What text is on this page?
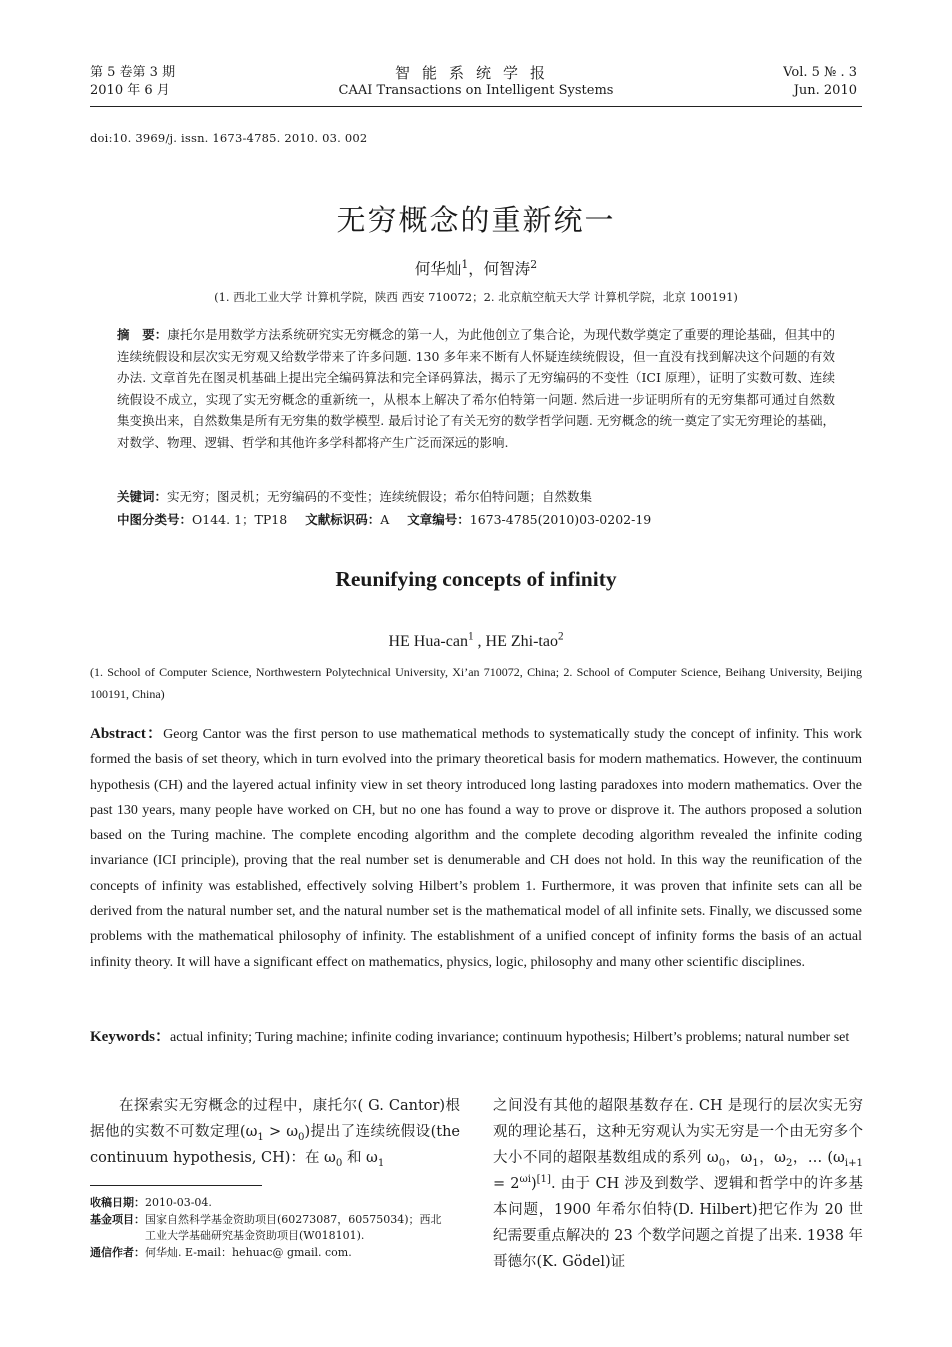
第 5 卷第 3 期
2010 年 6 月
智能系统学报
CAAI Transactions on Intelligent Systems
Vol. 5 № . 3
Jun. 2010
doi:10. 3969/j. issn. 1673-4785. 2010. 03. 002
无穷概念的重新统一
何华灿$^1$，何智涛$^2$
(1. 西北工业大学 计算机学院，陕西 西安 710072；2. 北京航空航天大学 计算机学院，北京 100191)
摘　要：康托尔是用数学方法系统研究实无穷概念的第一人，为此他创立了集合论，为现代数学奠定了重要的理论基础，但其中的连续统假设和层次实无穷观又给数学带来了许多问题. 130 多年来不断有人怀疑连续统假设，但一直没有找到解决这个问题的有效办法. 文章首先在图灵机基础上提出完全编码算法和完全译码算法，揭示了无穷编码的不变性（ICI 原理），证明了实数可数、连续统假设不成立，实现了实无穷概念的重新统一，从根本上解决了希尔伯特第一问题. 然后进一步证明所有的无穷集都可通过自然数集变换出来，自然数集是所有无穷集的数学模型. 最后讨论了有关无穷的数学哲学问题. 无穷概念的统一奠定了实无穷理论的基础，对数学、物理、逻辑、哲学和其他许多学科都将产生广泛而深远的影响.
关键词：实无穷；图灵机；无穷编码的不变性；连续统假设；希尔伯特问题；自然数集
中图分类号：O144. 1；TP18 文献标识码：A 文章编号：1673-4785(2010)03-0202-19
Reunifying concepts of infinity
HE Hua-can$^1$ , HE Zhi-tao$^2$
(1. School of Computer Science, Northwestern Polytechnical University, Xi’an 710072, China; 2. School of Computer Science, Beihang University, Beijing 100191, China)
Abstract：Georg Cantor was the first person to use mathematical methods to systematically study the concept of infinity. This work formed the basis of set theory, which in turn evolved into the primary theoretical basis for modern mathematics. However, the continuum hypothesis (CH) and the layered actual infinity view in set theory introduced long lasting paradoxes into modern mathematics. Over the past 130 years, many people have worked on CH, but no one has found a way to prove or disprove it. The authors proposed a solution based on the Turing machine. The complete encoding algorithm and the complete decoding algorithm revealed the infinite coding invariance (ICI principle), proving that the real number set is denumerable and CH does not hold. In this way the reunification of the concepts of infinity was established, effectively solving Hilbert’s problem 1. Furthermore, it was proven that infinite sets can all be derived from the natural number set, and the natural number set is the mathematical model of all infinite sets. Finally, we discussed some problems with the mathematical philosophy of infinity. The establishment of a unified concept of infinity forms the basis of an actual infinity theory. It will have a significant effect on mathematics, physics, logic, philosophy and many other scientific disciplines.
Keywords：actual infinity; Turing machine; infinite coding invariance; continuum hypothesis; Hilbert’s problems; natural number set
在探索实无穷概念的过程中，康托尔( G. Cantor)根据他的实数不可数定理$(\omega_1 > \omega_0)$提出了连续统假设(the continuum hypothesis, CH)：在 $\omega_0$ 和 $\omega_1$
收稿日期：2010-03-04.
基金项目：国家自然科学基金资助项目(60273087，60575034)；西北
工业大学基础研究基金资助项目(W018101).
通信作者：何华灿. E-mail：hehuac@ gmail. com.
之间没有其他的超限基数存在. CH 是现行的层次实无穷观的理论基石，这种无穷观认为实无穷是一个由无穷多个大小不同的超限基数组成的系列 $\omega_0$，$\omega_1$，$\omega_2$，… $(\omega_{i+1} = 2^{\omega i})[1]$. 由于 CH 涉及到数学、逻辑和哲学中的许多基本问题，1900 年希尔伯特(D. Hilbert)把它作为 20 世纪需要重点解决的 23 个数学问题之首提了出来. 1938 年哥德尔(K. Gödel)证
